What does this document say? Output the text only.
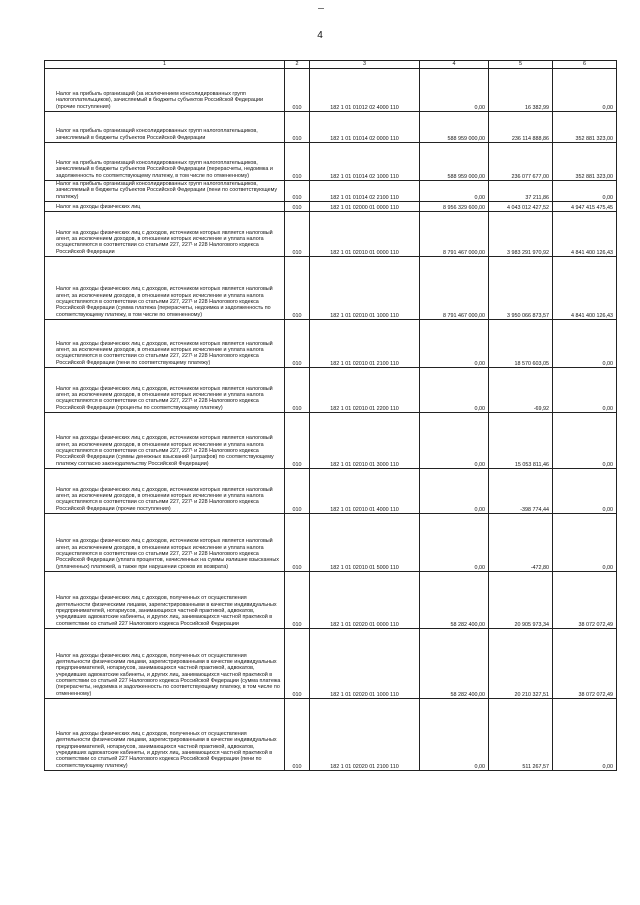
4
1	2	3	4	5	6

Налог на прибыль организаций (за исключением консолидированных групп налогоплательщиков), зачисляемый в бюджеты субъектов Российской Федерации (прочие поступления)	010	182 1 01 01012 02 4000 110	0,00	16 382,99	0,00

Налог на прибыль организаций консолидированных групп налогоплательщиков, зачисляемый в бюджеты субъектов Российской Федерации	010	182 1 01 01014 02 0000 110	588 959 000,00	236 114 888,86	352 881 323,00

Налог на прибыль организаций консолидированных групп налогоплательщиков, зачисляемый в бюджеты субъектов Российской Федерации (перерасчеты, недоимка и задолженность по соответствующему платежу, в том числе по отмененному)	010	182 1 01 01014 02 1000 110	588 959 000,00	236 077 677,00	352 881 323,00

Налог на прибыль организаций консолидированных групп налогоплательщиков, зачисляемый в бюджеты субъектов Российской Федерации (пени по соответствующему платежу)	010	182 1 01 01014 02 2100 110	0,00	37 211,86	0,00

Налог на доходы физических лиц	010	182 1 01 02000 01 0000 110	8 956 329 600,00	4 043 012 427,52	4 947 415 475,45

Налог на доходы физических лиц с доходов, источником которых является налоговый агент, за исключением доходов, в отношении которых исчисление и уплата налога осуществляются в соответствии со статьями 227, 227¹ и 228 Налогового кодекса Российской Федерации	010	182 1 01 02010 01 0000 110	8 791 467 000,00	3 983 291 970,92	4 841 400 126,43

Налог на доходы физических лиц с доходов, источником которых является налоговый агент, за исключением доходов, в отношении которых исчисление и уплата налога осуществляются в соответствии со статьями 227, 227¹ и 228 Налогового кодекса Российской Федерации (сумма платежа (перерасчеты, недоимка и задолженность по соответствующему платежу, в том числе по отмененному)	010	182 1 01 02010 01 1000 110	8 791 467 000,00	3 950 066 873,57	4 841 400 126,43

Налог на доходы физических лиц с доходов, источником которых является налоговый агент, за исключением доходов, в отношении которых исчисление и уплата налога осуществляются в соответствии со статьями 227, 227¹ и 228 Налогового кодекса Российской Федерации (пени по соответствующему платежу)	010	182 1 01 02010 01 2100 110	0,00	18 570 603,05	0,00

Налог на доходы физических лиц с доходов, источником которых является налоговый агент, за исключением доходов, в отношении которых исчисление и уплата налога осуществляются в соответствии со статьями 227, 227¹ и 228 Налогового кодекса Российской Федерации (проценты по соответствующему платежу)	010	182 1 01 02010 01 2200 110	0,00	-69,92	0,00

Налог на доходы физических лиц с доходов, источником которых является налоговый агент, за исключением доходов, в отношении которых исчисление и уплата налога осуществляются в соответствии со статьями 227, 227¹ и 228 Налогового кодекса Российской Федерации (суммы денежных взысканий (штрафов) по соответствующему платежу согласно законодательству Российской Федерации)	010	182 1 01 02010 01 3000 110	0,00	15 053 811,46	0,00

Налог на доходы физических лиц с доходов, источником которых является налоговый агент, за исключением доходов, в отношении которых исчисление и уплата налога осуществляются в соответствии со статьями 227, 227¹ и 228 Налогового кодекса Российской Федерации (прочие поступления)	010	182 1 01 02010 01 4000 110	0,00	-398 774,44	0,00

Налог на доходы физических лиц с доходов, источником которых является налоговый агент, за исключением доходов, в отношении которых исчисление и уплата налога осуществляются в соответствии со статьями 227, 227¹ и 228 Налогового кодекса Российской Федерации (уплата процентов, начисленных на суммы излишне взысканных (уплаченных) платежей, а также при нарушении сроков их возврата)	010	182 1 01 02010 01 5000 110	0,00	-472,80	0,00

Налог на доходы физических лиц с доходов, полученных от осуществления деятельности физическими лицами, зарегистрированными в качестве индивидуальных предпринимателей, нотариусов, занимающихся частной практикой, адвокатов, учредивших адвокатские кабинеты, и других лиц, занимающихся частной практикой в соответствии со статьей 227 Налогового кодекса Российской Федерации	010	182 1 01 02020 01 0000 110	58 282 400,00	20 905 973,34	38 072 072,49

Налог на доходы физических лиц с доходов, полученных от осуществления деятельности физическими лицами, зарегистрированными в качестве индивидуальных предпринимателей, нотариусов, занимающихся частной практикой, адвокатов, учредивших адвокатские кабинеты, и других лиц, занимающихся частной практикой в соответствии со статьей 227 Налогового кодекса Российской Федерации (сумма платежа (перерасчеты, недоимка и задолженность по соответствующему платежу, в том числе по отмененному)	010	182 1 01 02020 01 1000 110	58 282 400,00	20 210 327,51	38 072 072,49

Налог на доходы физических лиц с доходов, полученных от осуществления деятельности физическими лицами, зарегистрированными в качестве индивидуальных предпринимателей, нотариусов, занимающихся частной практикой, адвокатов, учредивших адвокатские кабинеты, и других лиц, занимающихся частной практикой в соответствии со статьей 227 Налогового кодекса Российской Федерации (пени по соответствующему платежу)	010	182 1 01 02020 01 2100 110	0,00	511 267,57	0,00
